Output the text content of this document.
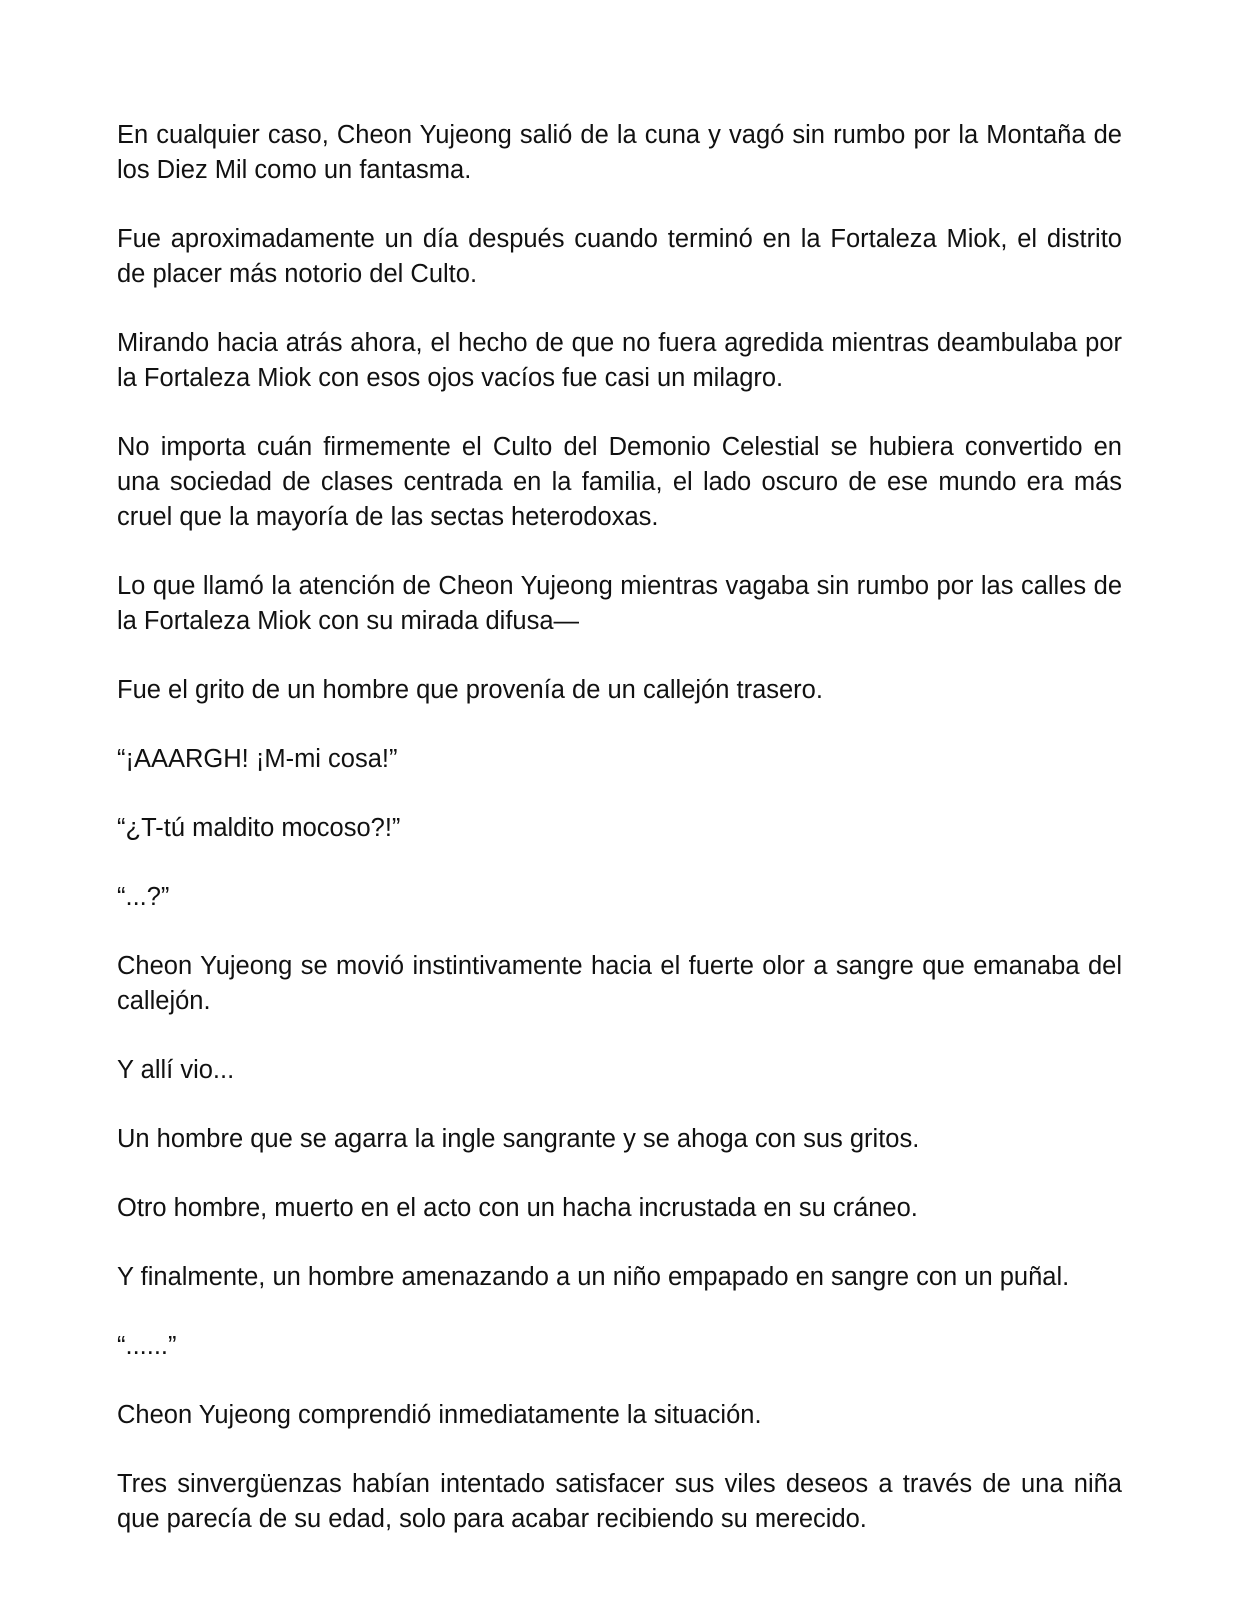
En cualquier caso, Cheon Yujeong salió de la cuna y vagó sin rumbo por la Montaña de los Diez Mil como un fantasma.

Fue aproximadamente un día después cuando terminó en la Fortaleza Miok, el distrito de placer más notorio del Culto.

Mirando hacia atrás ahora, el hecho de que no fuera agredida mientras deambulaba por la Fortaleza Miok con esos ojos vacíos fue casi un milagro.

No importa cuán firmemente el Culto del Demonio Celestial se hubiera convertido en una sociedad de clases centrada en la familia, el lado oscuro de ese mundo era más cruel que la mayoría de las sectas heterodoxas.

Lo que llamó la atención de Cheon Yujeong mientras vagaba sin rumbo por las calles de la Fortaleza Miok con su mirada difusa—

Fue el grito de un hombre que provenía de un callejón trasero.

“¡AAARGH! ¡M-mi cosa!”

“¿T-tú maldito mocoso?!”

“...?”

Cheon Yujeong se movió instintivamente hacia el fuerte olor a sangre que emanaba del callejón.

Y allí vio...

Un hombre que se agarra la ingle sangrante y se ahoga con sus gritos.

Otro hombre, muerto en el acto con un hacha incrustada en su cráneo.

Y finalmente, un hombre amenazando a un niño empapado en sangre con un puñal.

“......”

Cheon Yujeong comprendió inmediatamente la situación.

Tres sinvergüenzas habían intentado satisfacer sus viles deseos a través de una niña que parecía de su edad, solo para acabar recibiendo su merecido.
